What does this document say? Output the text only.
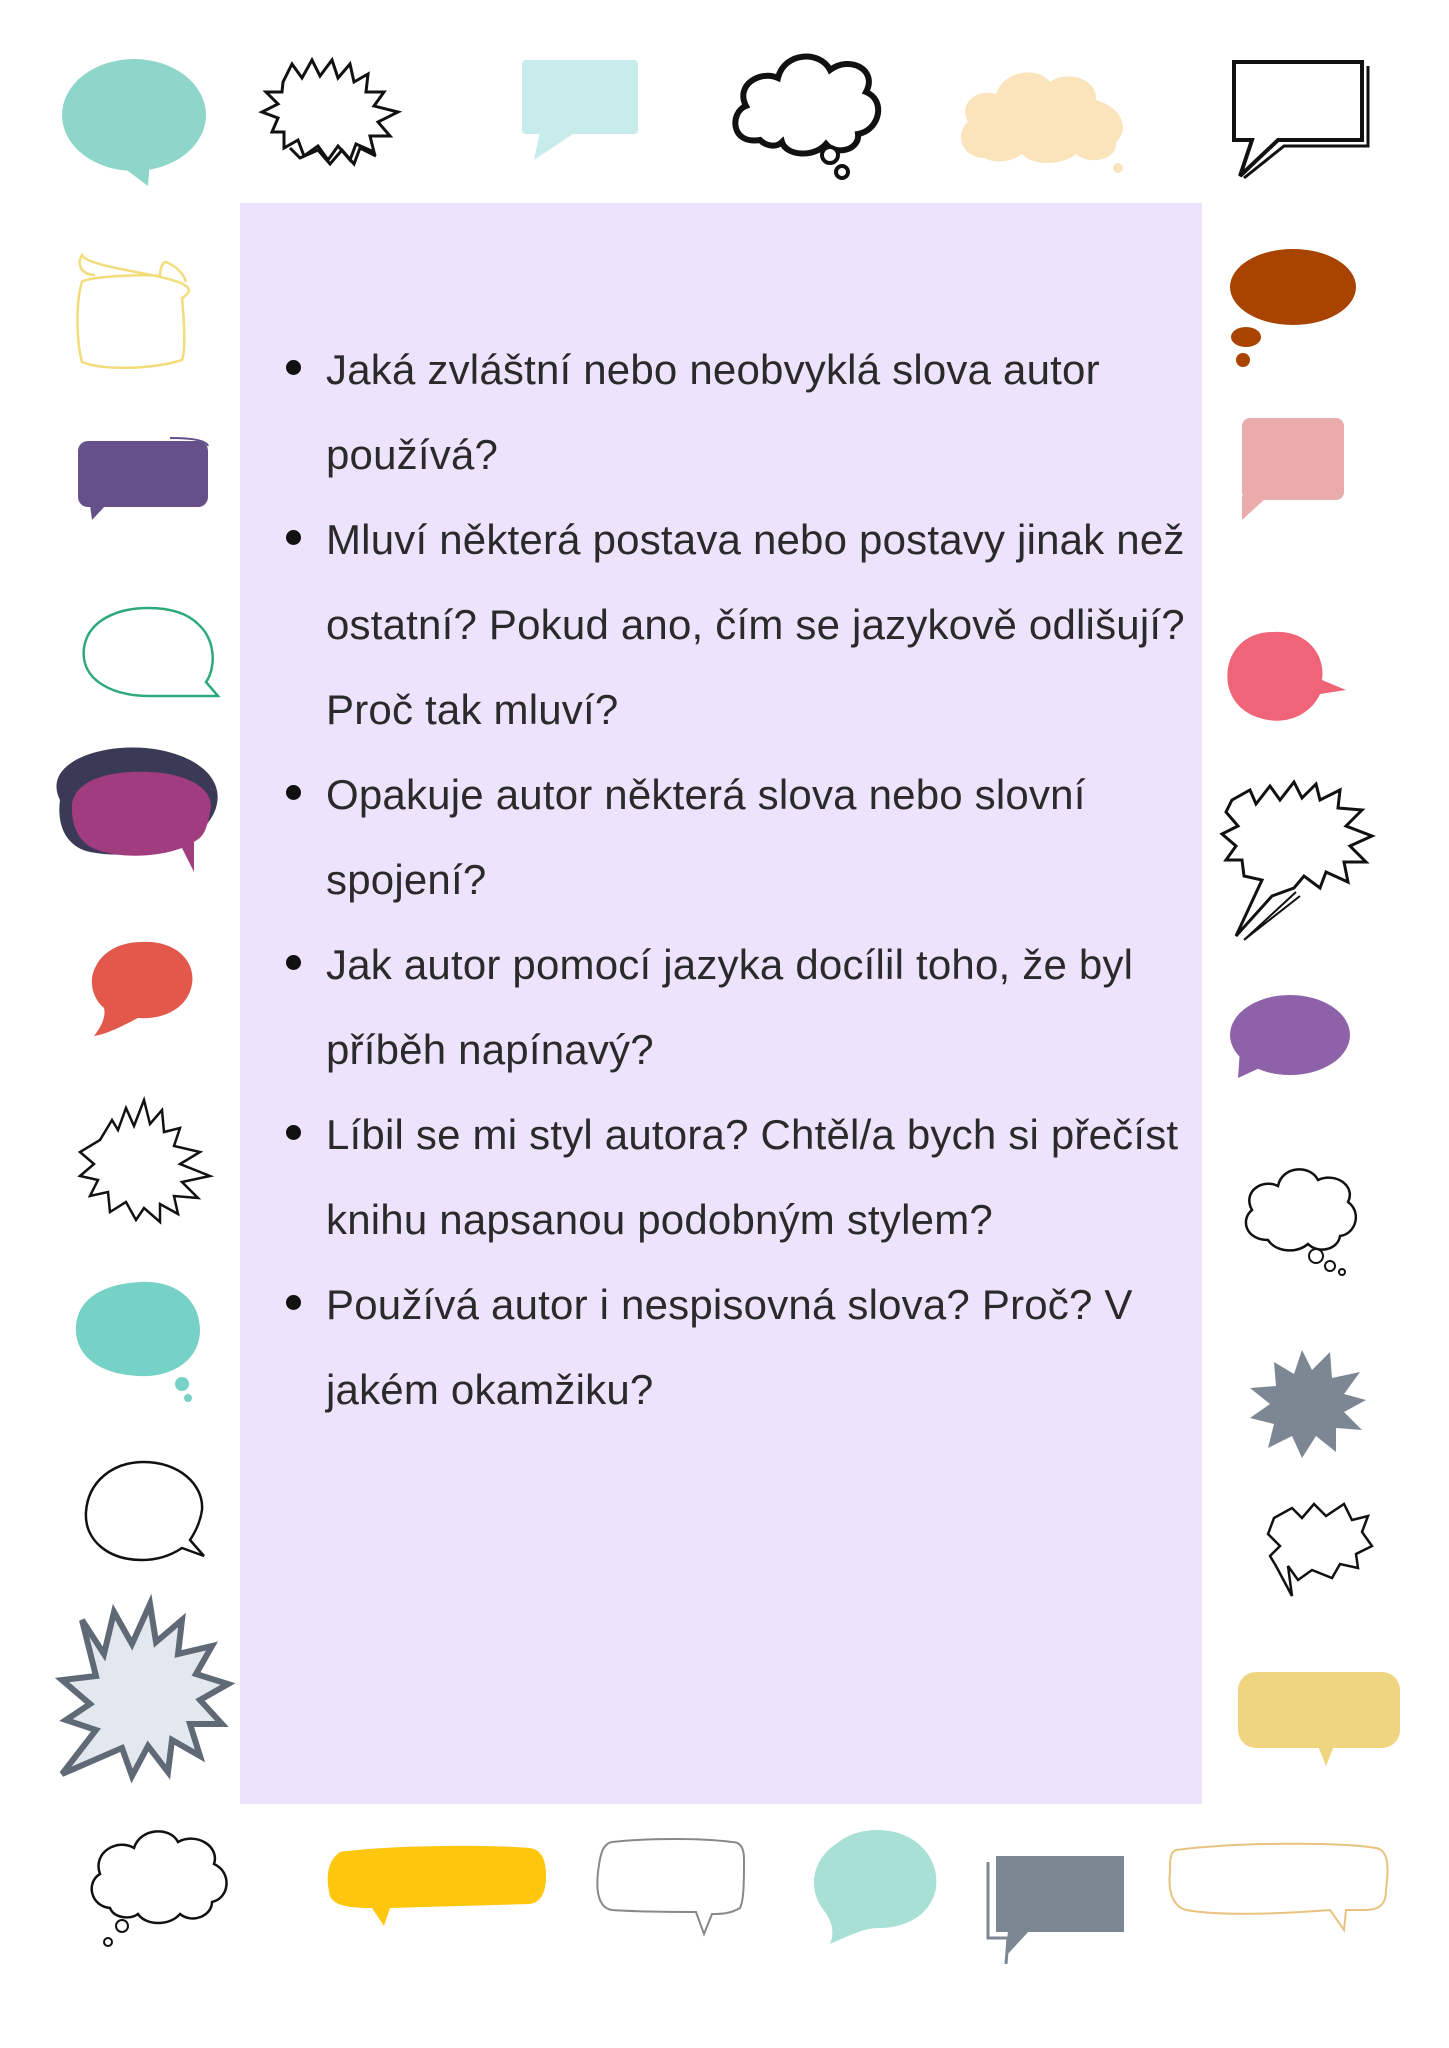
Jaká zvláštní nebo neobvyklá slova autor používá?
Mluví některá postava nebo postavy jinak než ostatní? Pokud ano, čím se jazykově odlišují? Proč tak mluví?
Opakuje autor některá slova nebo slovní spojení?
Jak autor pomocí jazyka docílil toho, že byl příběh napínavý?
Líbil se mi styl autora? Chtěl/a bych si přečíst knihu napsanou podobným stylem?
Používá autor i nespisovná slova? Proč? V jakém okamžiku?
